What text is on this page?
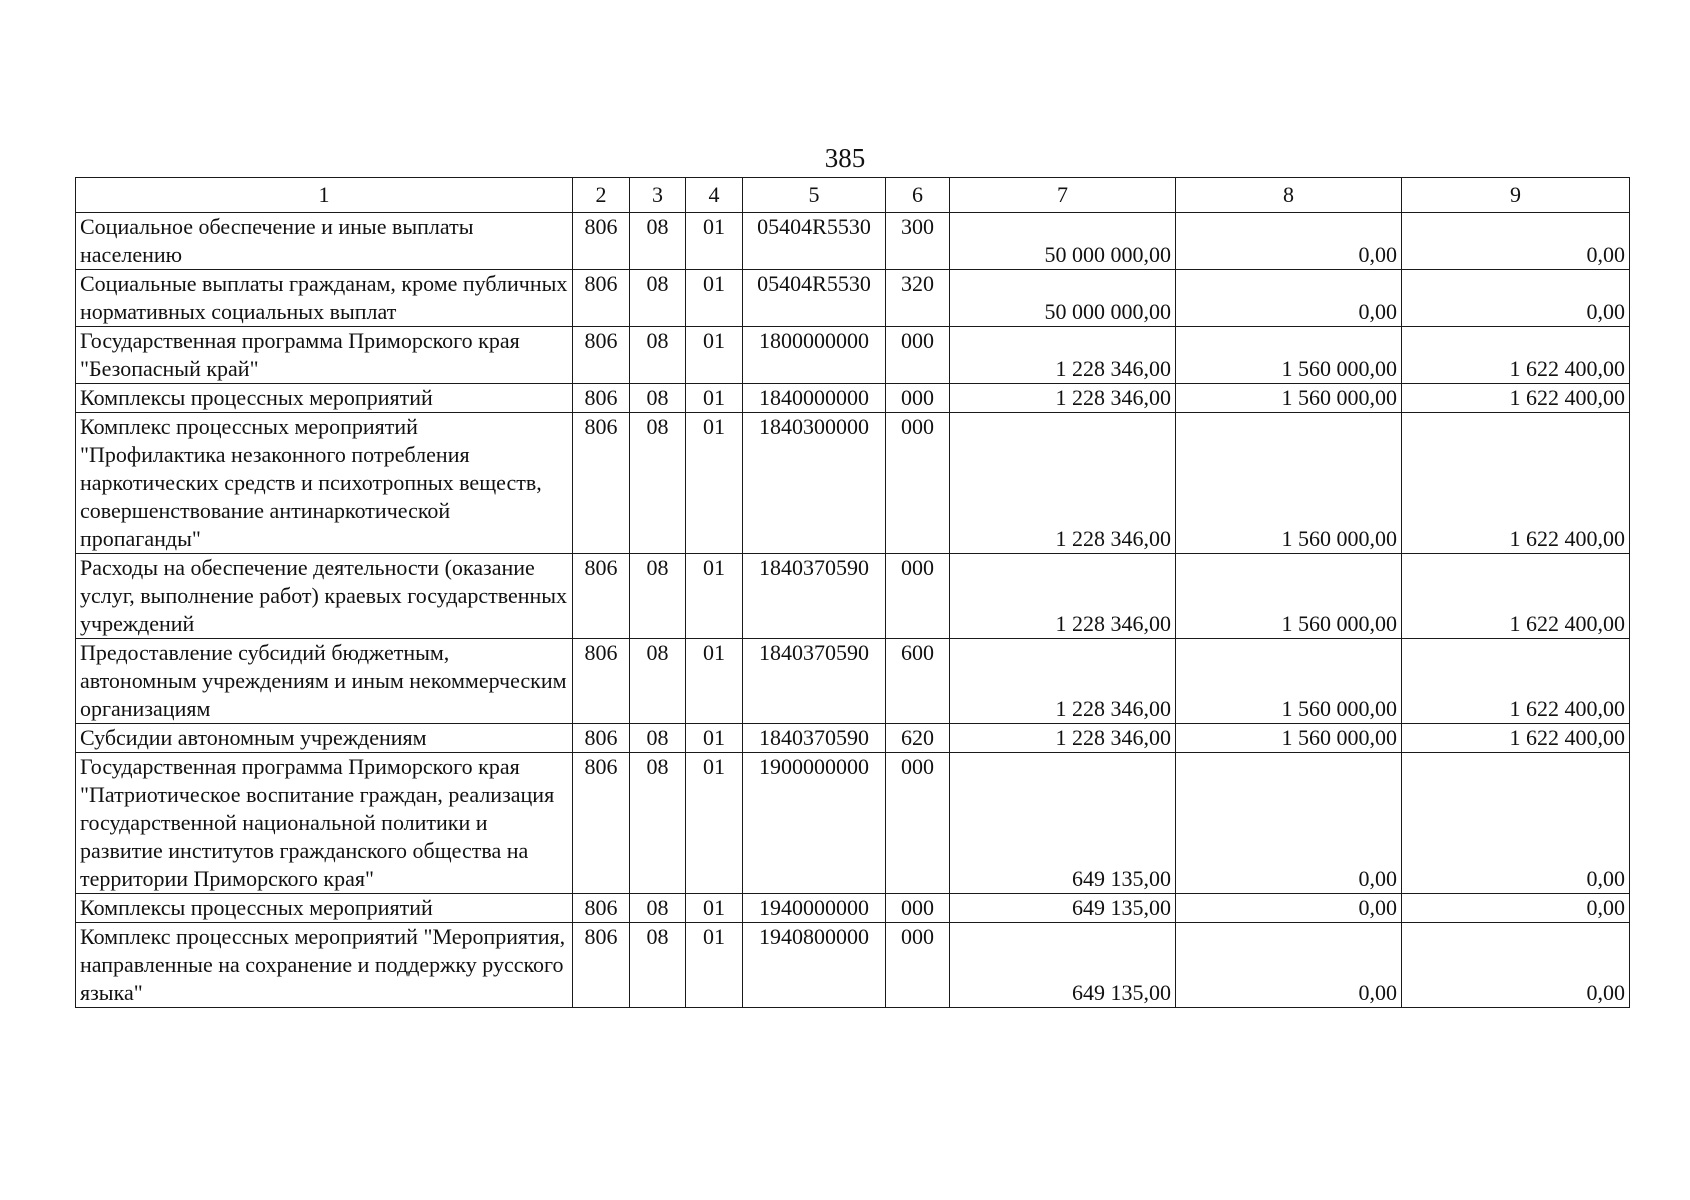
385
1	2	3	4	5	6	7	8	9
Социальное обеспечение и иные выплаты населению	806	08	01	05404R5530	300	50 000 000,00	0,00	0,00
Социальные выплаты гражданам, кроме публичных нормативных социальных выплат	806	08	01	05404R5530	320	50 000 000,00	0,00	0,00
Государственная программа Приморского края "Безопасный край"	806	08	01	1800000000	000	1 228 346,00	1 560 000,00	1 622 400,00
Комплексы процессных мероприятий	806	08	01	1840000000	000	1 228 346,00	1 560 000,00	1 622 400,00
Комплекс процессных мероприятий "Профилактика незаконного потребления наркотических средств и психотропных веществ, совершенствование антинаркотической пропаганды"	806	08	01	1840300000	000	1 228 346,00	1 560 000,00	1 622 400,00
Расходы на обеспечение деятельности (оказание услуг, выполнение работ) краевых государственных учреждений	806	08	01	1840370590	000	1 228 346,00	1 560 000,00	1 622 400,00
Предоставление субсидий бюджетным, автономным учреждениям и иным некоммерческим организациям	806	08	01	1840370590	600	1 228 346,00	1 560 000,00	1 622 400,00
Субсидии автономным учреждениям	806	08	01	1840370590	620	1 228 346,00	1 560 000,00	1 622 400,00
Государственная программа Приморского края "Патриотическое воспитание граждан, реализация государственной национальной политики и развитие институтов гражданского общества на территории Приморского края"	806	08	01	1900000000	000	649 135,00	0,00	0,00
Комплексы процессных мероприятий	806	08	01	1940000000	000	649 135,00	0,00	0,00
Комплекс процессных мероприятий "Мероприятия, направленные на сохранение и поддержку русского языка"	806	08	01	1940800000	000	649 135,00	0,00	0,00
